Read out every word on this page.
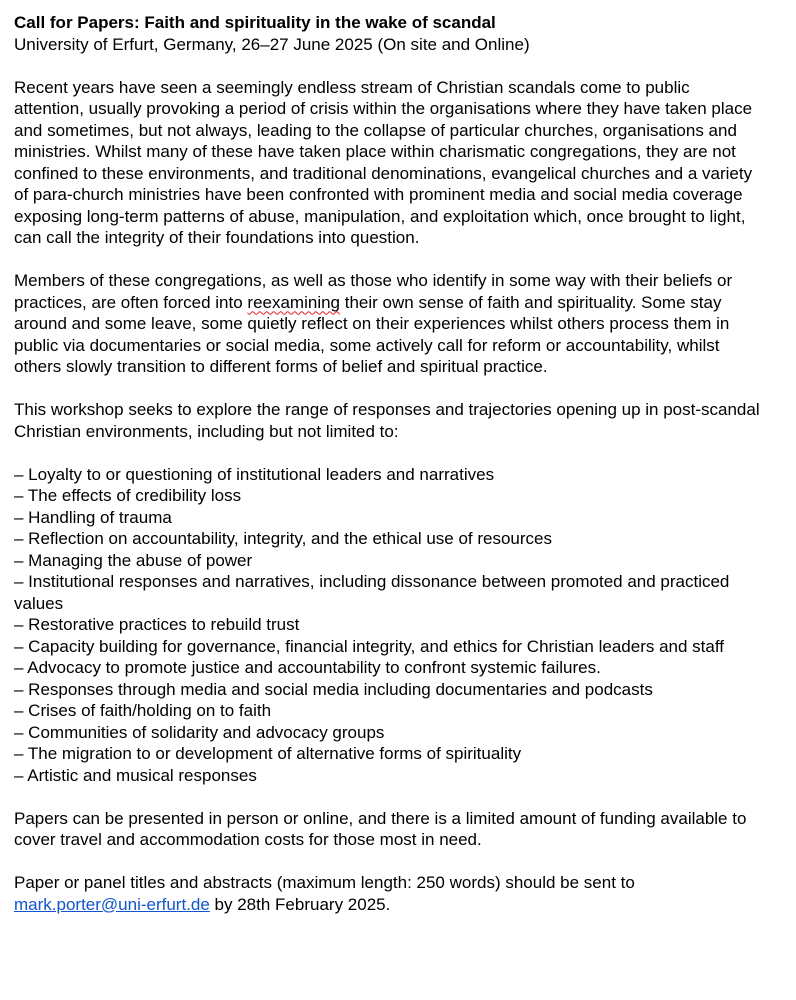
Call for Papers: Faith and spirituality in the wake of scandal
University of Erfurt, Germany, 26–27 June 2025 (On site and Online)

Recent years have seen a seemingly endless stream of Christian scandals come to public attention, usually provoking a period of crisis within the organisations where they have taken place and sometimes, but not always, leading to the collapse of particular churches, organisations and ministries. Whilst many of these have taken place within charismatic congregations, they are not confined to these environments, and traditional denominations, evangelical churches and a variety of para-church ministries have been confronted with prominent media and social media coverage exposing long-term patterns of abuse, manipulation, and exploitation which, once brought to light, can call the integrity of their foundations into question.

Members of these congregations, as well as those who identify in some way with their beliefs or practices, are often forced into reexamining their own sense of faith and spirituality. Some stay around and some leave, some quietly reflect on their experiences whilst others process them in public via documentaries or social media, some actively call for reform or accountability, whilst others slowly transition to different forms of belief and spiritual practice.

This workshop seeks to explore the range of responses and trajectories opening up in post-scandal Christian environments, including but not limited to:

– Loyalty to or questioning of institutional leaders and narratives
– The effects of credibility loss
– Handling of trauma
– Reflection on accountability, integrity, and the ethical use of resources
– Managing the abuse of power
– Institutional responses and narratives, including dissonance between promoted and practiced values
– Restorative practices to rebuild trust
– Capacity building for governance, financial integrity, and ethics for Christian leaders and staff
– Advocacy to promote justice and accountability to confront systemic failures.
– Responses through media and social media including documentaries and podcasts
– Crises of faith/holding on to faith
– Communities of solidarity and advocacy groups
– The migration to or development of alternative forms of spirituality
– Artistic and musical responses

Papers can be presented in person or online, and there is a limited amount of funding available to cover travel and accommodation costs for those most in need.

Paper or panel titles and abstracts (maximum length: 250 words) should be sent to mark.porter@uni-erfurt.de by 28th February 2025.
